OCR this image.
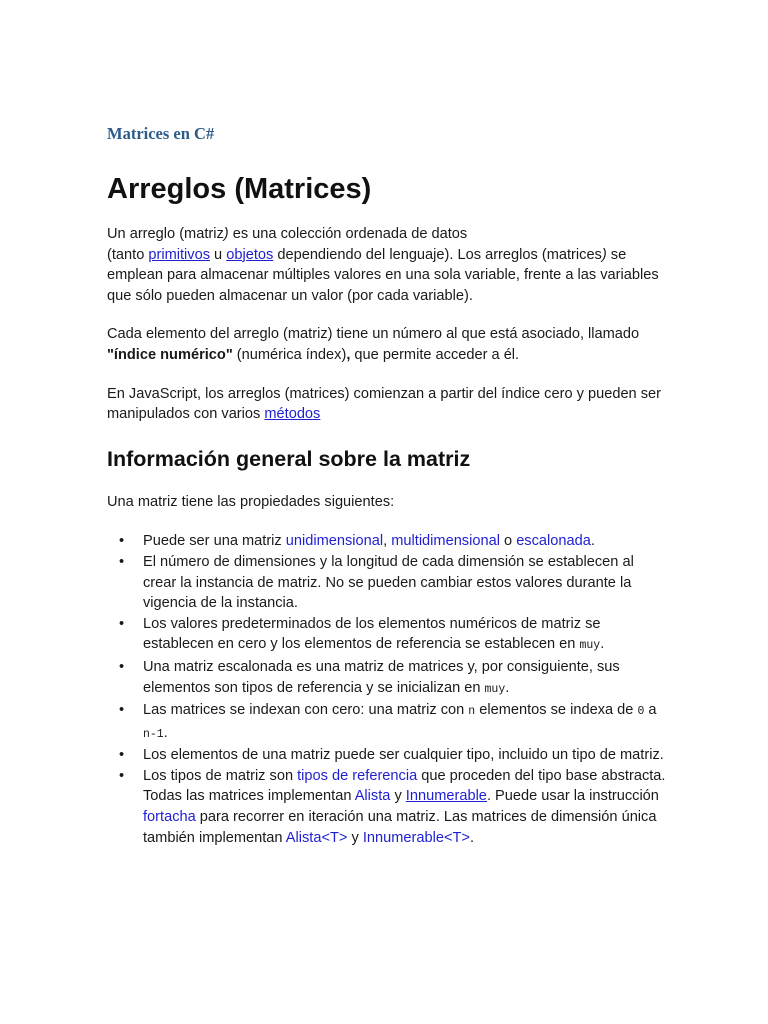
Matrices en C#
Arreglos (Matrices)

Un arreglo (matriz) es una colección ordenada de datos
(tanto primitivos u objetos dependiendo del lenguaje). Los arreglos (matrices) se emplean para almacenar múltiples valores en una sola variable, frente a las variables que sólo pueden almacenar un valor (por cada variable).

Cada elemento del arreglo (matriz) tiene un número al que está asociado, llamado "índice numérico" (numérica índex), que permite acceder a él.

En JavaScript, los arreglos (matrices) comienzan a partir del índice cero y pueden ser manipulados con varios métodos

Información general sobre la matriz

Una matriz tiene las propiedades siguientes:

• Puede ser una matriz unidimensional, multidimensional o escalonada.
• El número de dimensiones y la longitud de cada dimensión se establecen al crear la instancia de matriz. No se pueden cambiar estos valores durante la vigencia de la instancia.
• Los valores predeterminados de los elementos numéricos de matriz se establecen en cero y los elementos de referencia se establecen en muy.
• Una matriz escalonada es una matriz de matrices y, por consiguiente, sus elementos son tipos de referencia y se inicializan en muy.
• Las matrices se indexan con cero: una matriz con n elementos se indexa de 0 a n-1.
• Los elementos de una matriz puede ser cualquier tipo, incluido un tipo de matriz.
• Los tipos de matriz son tipos de referencia que proceden del tipo base abstracta. Todas las matrices implementan Alista y Innumerable. Puede usar la instrucción fortacha para recorrer en iteración una matriz. Las matrices de dimensión única también implementan Alista<T> y Innumerable<T>.
